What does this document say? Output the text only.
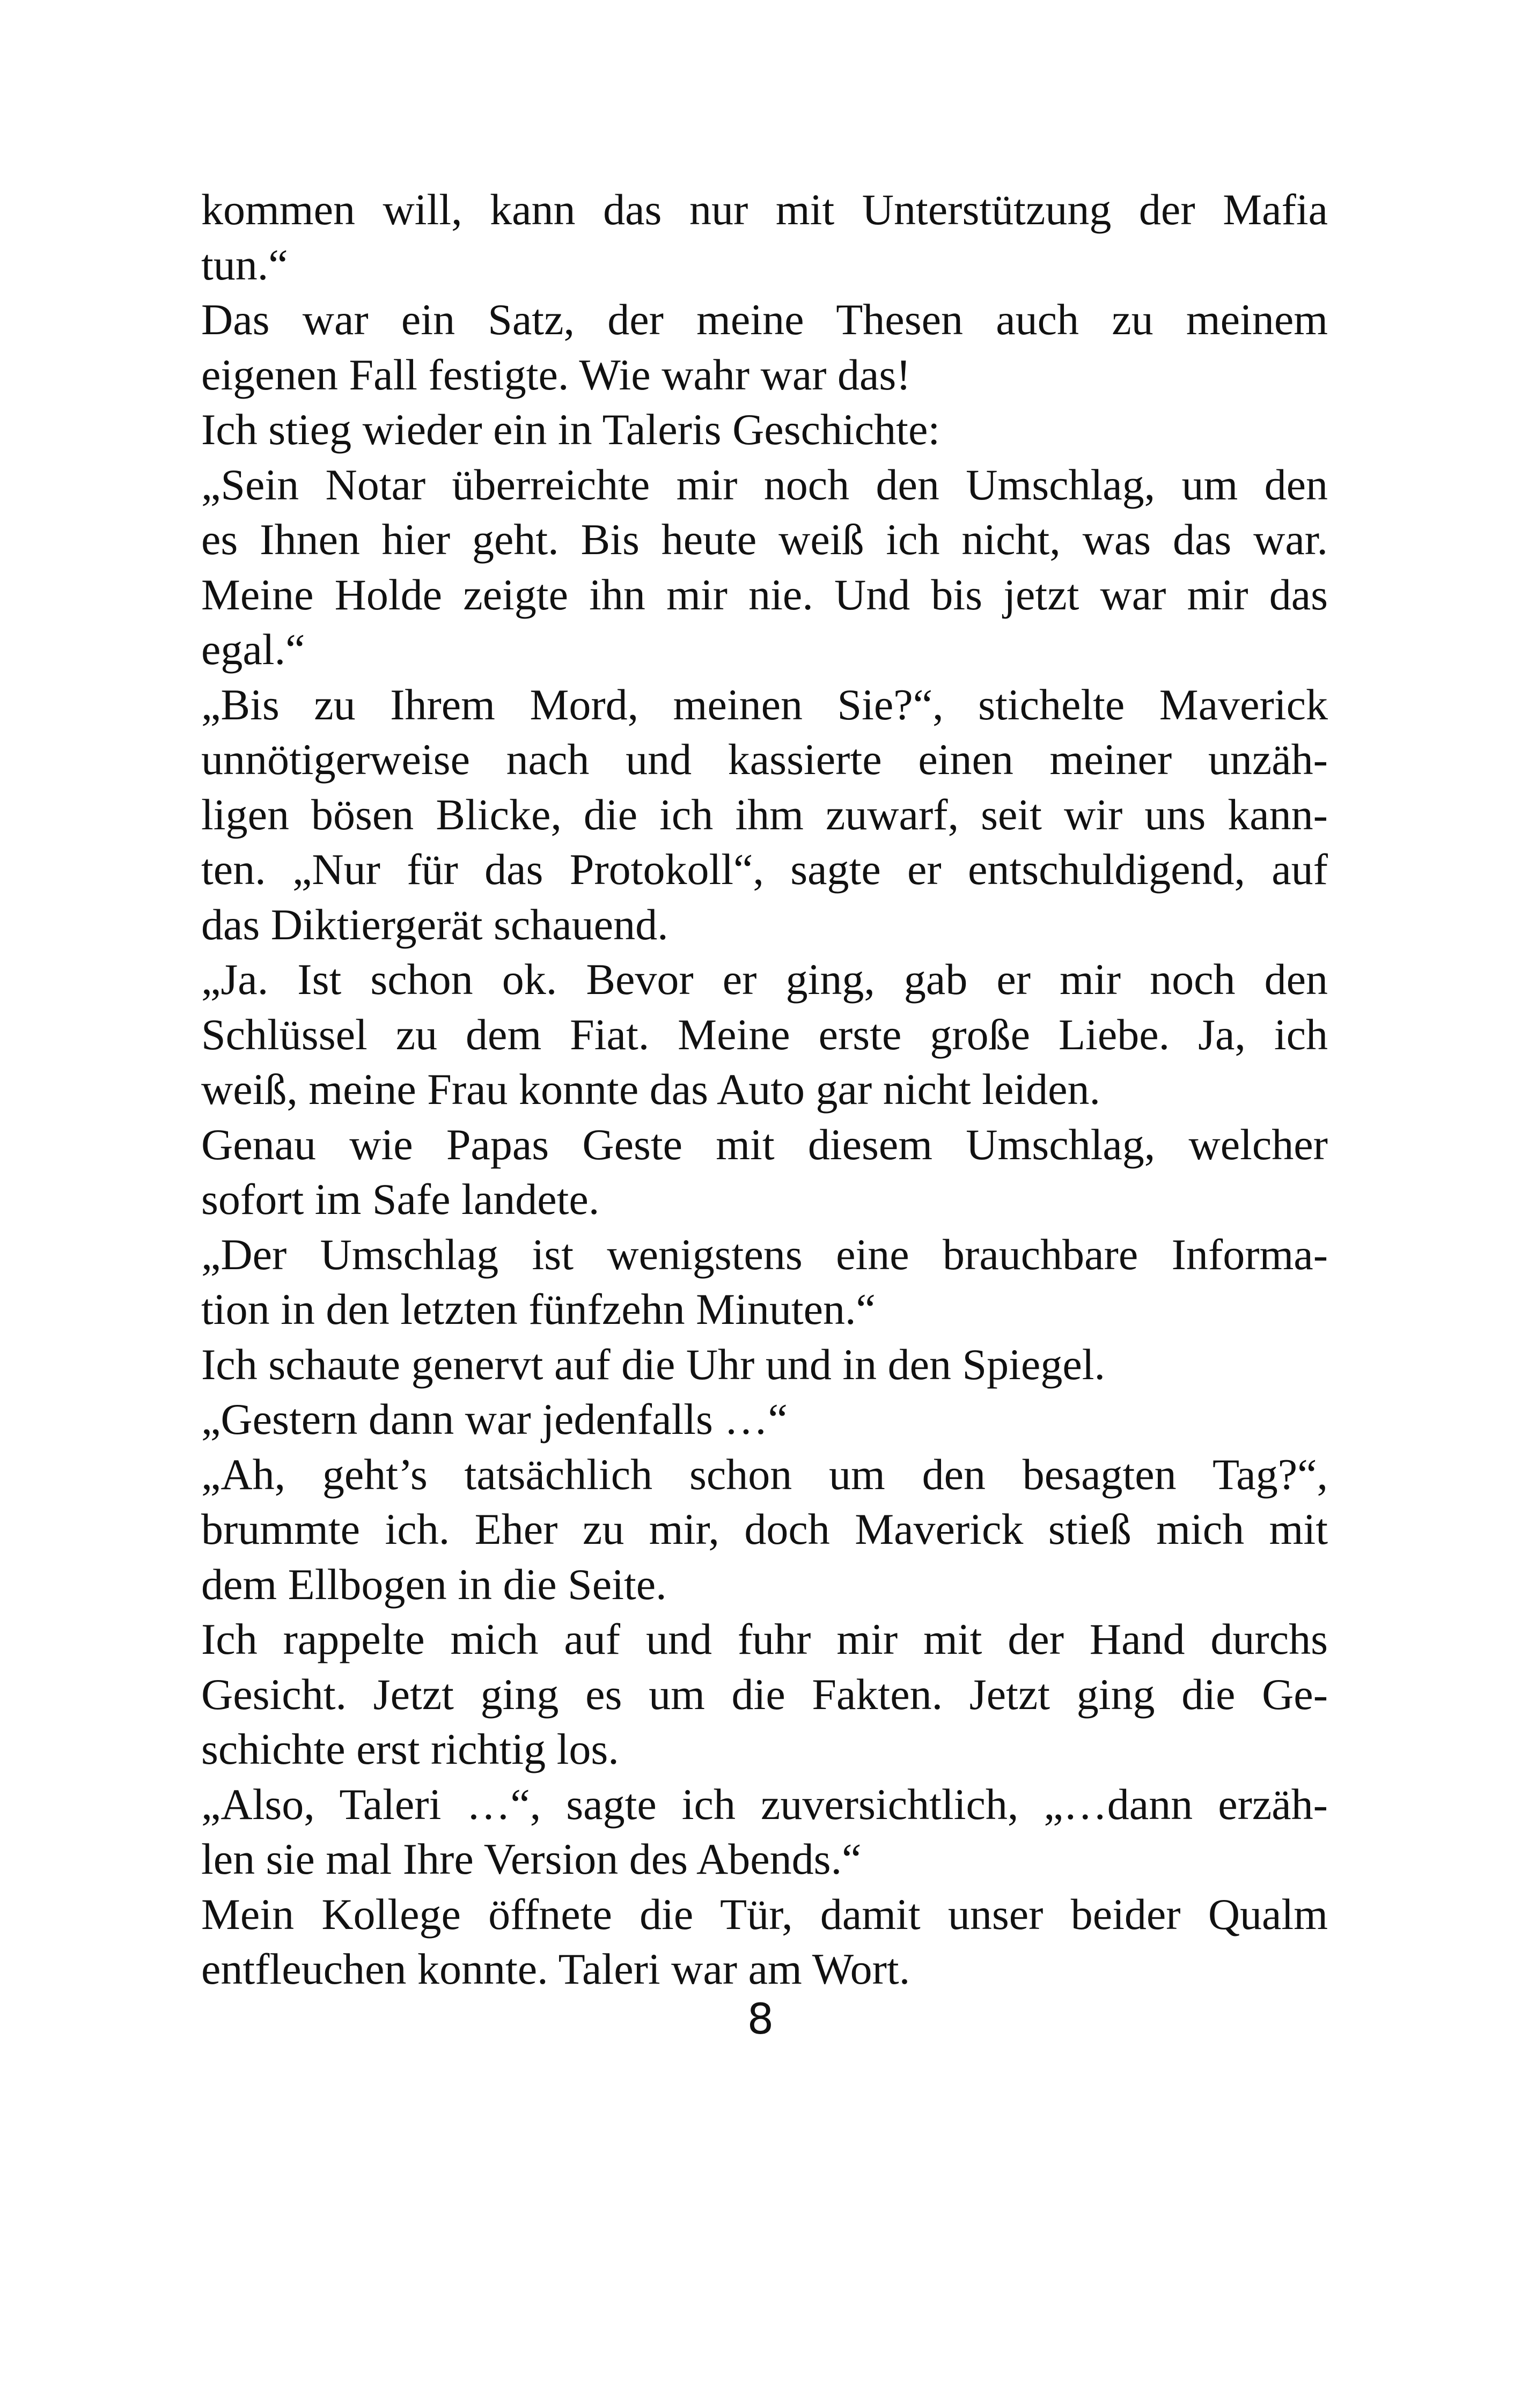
kommen will, kann das nur mit Unterstützung der Mafia
tun.“
Das war ein Satz, der meine Thesen auch zu meinem
eigenen Fall festigte. Wie wahr war das!
Ich stieg wieder ein in Taleris Geschichte:
„Sein Notar überreichte mir noch den Umschlag, um den
es Ihnen hier geht. Bis heute weiß ich nicht, was das war.
Meine Holde zeigte ihn mir nie. Und bis jetzt war mir das
egal.“
„Bis zu Ihrem Mord, meinen Sie?“, stichelte Maverick
unnötigerweise nach und kassierte einen meiner unzäh-
ligen bösen Blicke, die ich ihm zuwarf, seit wir uns kann-
ten. „Nur für das Protokoll“, sagte er entschuldigend, auf
das Diktiergerät schauend.
„Ja. Ist schon ok. Bevor er ging, gab er mir noch den
Schlüssel zu dem Fiat. Meine erste große Liebe. Ja, ich
weiß, meine Frau konnte das Auto gar nicht leiden.
Genau wie Papas Geste mit diesem Umschlag, welcher
sofort im Safe landete.
„Der Umschlag ist wenigstens eine brauchbare Informa-
tion in den letzten fünfzehn Minuten.“
Ich schaute genervt auf die Uhr und in den Spiegel.
„Gestern dann war jedenfalls …“
„Ah, geht’s tatsächlich schon um den besagten Tag?“,
brummte ich. Eher zu mir, doch Maverick stieß mich mit
dem Ellbogen in die Seite.
Ich rappelte mich auf und fuhr mir mit der Hand durchs
Gesicht. Jetzt ging es um die Fakten. Jetzt ging die Ge-
schichte erst richtig los.
„Also, Taleri …“, sagte ich zuversichtlich, „…dann erzäh-
len sie mal Ihre Version des Abends.“
Mein Kollege öffnete die Tür, damit unser beider Qualm
entfleuchen konnte. Taleri war am Wort.
8
